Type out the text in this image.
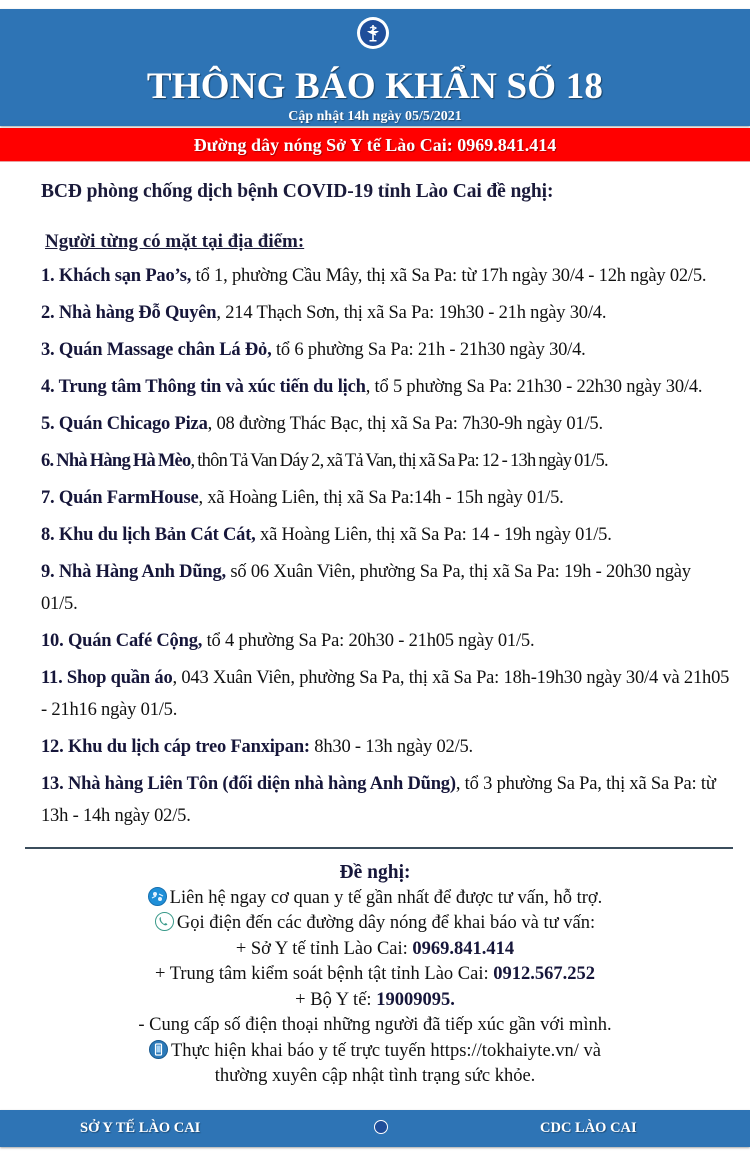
THÔNG BÁO KHẨN SỐ 18
Cập nhật 14h ngày 05/5/2021
Đường dây nóng Sở Y tế Lào Cai: 0969.841.414
BCĐ phòng chống dịch bệnh COVID-19 tỉnh Lào Cai đề nghị:
Người từng có mặt tại địa điểm:
1. Khách sạn Pao’s, tổ 1, phường Cầu Mây, thị xã Sa Pa: từ 17h ngày 30/4 - 12h ngày 02/5.
2. Nhà hàng Đỗ Quyên, 214 Thạch Sơn, thị xã Sa Pa: 19h30 - 21h ngày 30/4.
3. Quán Massage chân Lá Đỏ, tổ 6 phường Sa Pa: 21h - 21h30 ngày 30/4.
4. Trung tâm Thông tin và xúc tiến du lịch, tổ 5 phường Sa Pa: 21h30 - 22h30 ngày 30/4.
5. Quán Chicago Piza, 08 đường Thác Bạc, thị xã Sa Pa: 7h30-9h ngày 01/5.
6. Nhà Hàng Hà Mèo, thôn Tả Van Dáy 2, xã Tả Van, thị xã Sa Pa: 12 - 13h ngày 01/5.
7. Quán FarmHouse, xã Hoàng Liên, thị xã Sa Pa:14h - 15h ngày 01/5.
8. Khu du lịch Bản Cát Cát, xã Hoàng Liên, thị xã Sa Pa: 14 - 19h ngày 01/5.
9. Nhà Hàng Anh Dũng, số 06 Xuân Viên, phường Sa Pa, thị xã Sa Pa: 19h - 20h30 ngày 01/5.
10. Quán Café Cộng, tổ 4 phường Sa Pa: 20h30 - 21h05 ngày 01/5.
11. Shop quần áo, 043 Xuân Viên, phường Sa Pa, thị xã Sa Pa: 18h-19h30 ngày 30/4 và 21h05 - 21h16 ngày 01/5.
12. Khu du lịch cáp treo Fanxipan: 8h30 - 13h ngày 02/5.
13. Nhà hàng Liên Tôn (đối diện nhà hàng Anh Dũng), tổ 3 phường Sa Pa, thị xã Sa Pa: từ 13h - 14h ngày 02/5.
Đề nghị:
Liên hệ ngay cơ quan y tế gần nhất để được tư vấn, hỗ trợ.
Gọi điện đến các đường dây nóng để khai báo và tư vấn:
+ Sở Y tế tỉnh Lào Cai: 0969.841.414
+ Trung tâm kiểm soát bệnh tật tỉnh Lào Cai: 0912.567.252
+ Bộ Y tế: 19009095.
- Cung cấp số điện thoại những người đã tiếp xúc gần với mình.
Thực hiện khai báo y tế trực tuyến https://tokhaiyte.vn/ và
thường xuyên cập nhật tình trạng sức khỏe.
SỞ Y TẾ LÀO CAI	CDC LÀO CAI
